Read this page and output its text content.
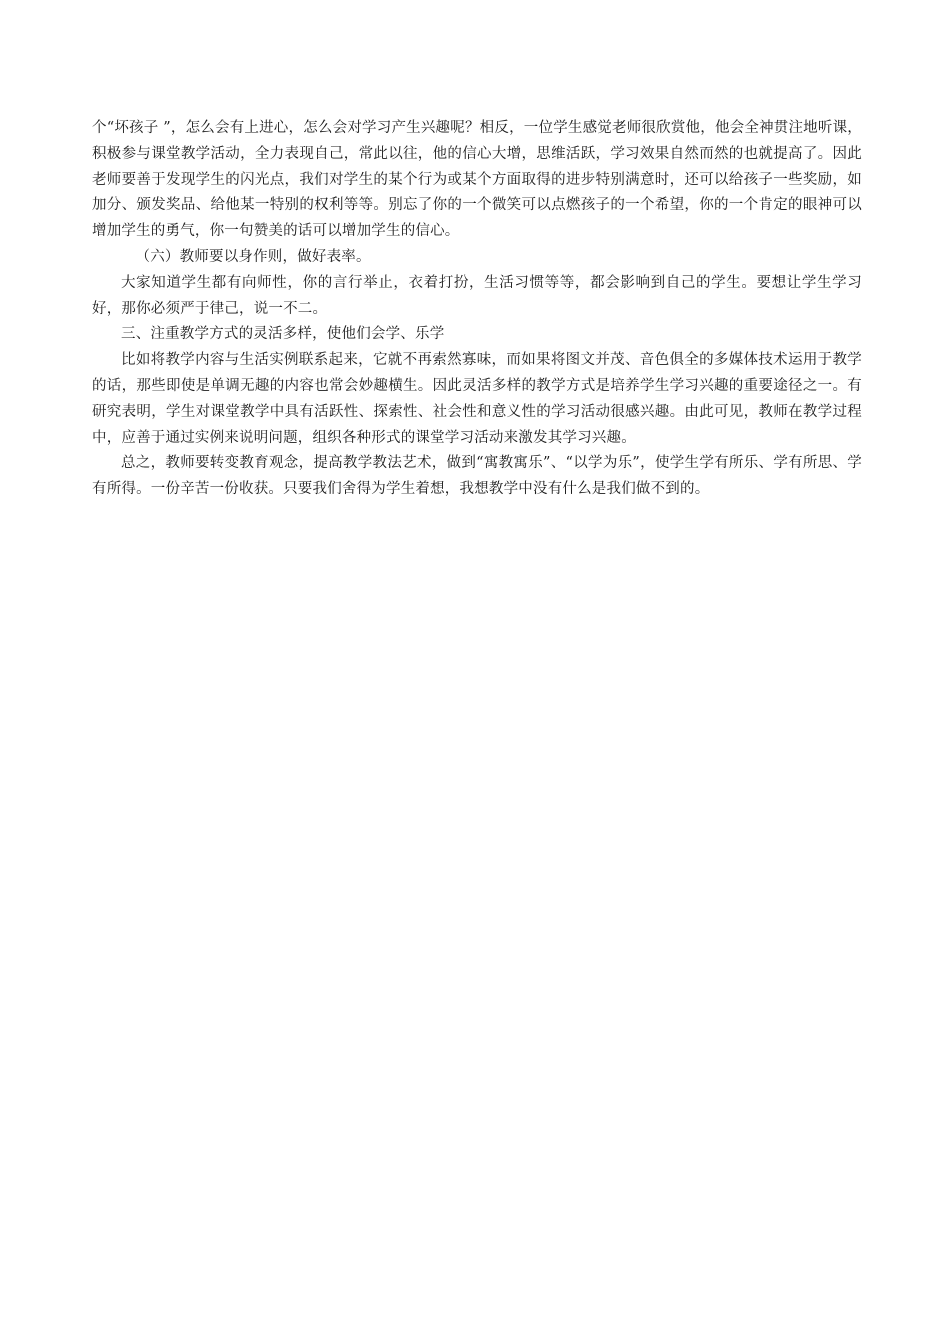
个“坏孩子 ”，怎么会有上进心，怎么会对学习产生兴趣呢？相反，一位学生感觉老师很欣赏他，他会全神贯注地听课，积极参与课堂教学活动，全力表现自己，常此以往，他的信心大增，思维活跃，学习效果自然而然的也就提高了。因此老师要善于发现学生的闪光点，我们对学生的某个行为或某个方面取得的进步特别满意时，还可以给孩子一些奖励，如加分、颁发奖品、给他某一特别的权利等等。别忘了你的一个微笑可以点燃孩子的一个希望，你的一个肯定的眼神可以增加学生的勇气，你一句赞美的话可以增加学生的信心。

（六）教师要以身作则，做好表率。

大家知道学生都有向师性，你的言行举止，衣着打扮，生活习惯等等，都会影响到自己的学生。要想让学生学习好，那你必须严于律己，说一不二。

三、注重教学方式的灵活多样，使他们会学、乐学

比如将教学内容与生活实例联系起来，它就不再索然寡味，而如果将图文并茂、音色俱全的多媒体技术运用于教学的话，那些即使是单调无趣的内容也常会妙趣横生。因此灵活多样的教学方式是培养学生学习兴趣的重要途径之一。有研究表明，学生对课堂教学中具有活跃性、探索性、社会性和意义性的学习活动很感兴趣。由此可见，教师在教学过程中，应善于通过实例来说明问题，组织各种形式的课堂学习活动来激发其学习兴趣。

总之，教师要转变教育观念，提高教学教法艺术，做到“寓教寓乐”、“以学为乐”，使学生学有所乐、学有所思、学有所得。一份辛苦一份收获。只要我们舍得为学生着想，我想教学中没有什么是我们做不到的。
